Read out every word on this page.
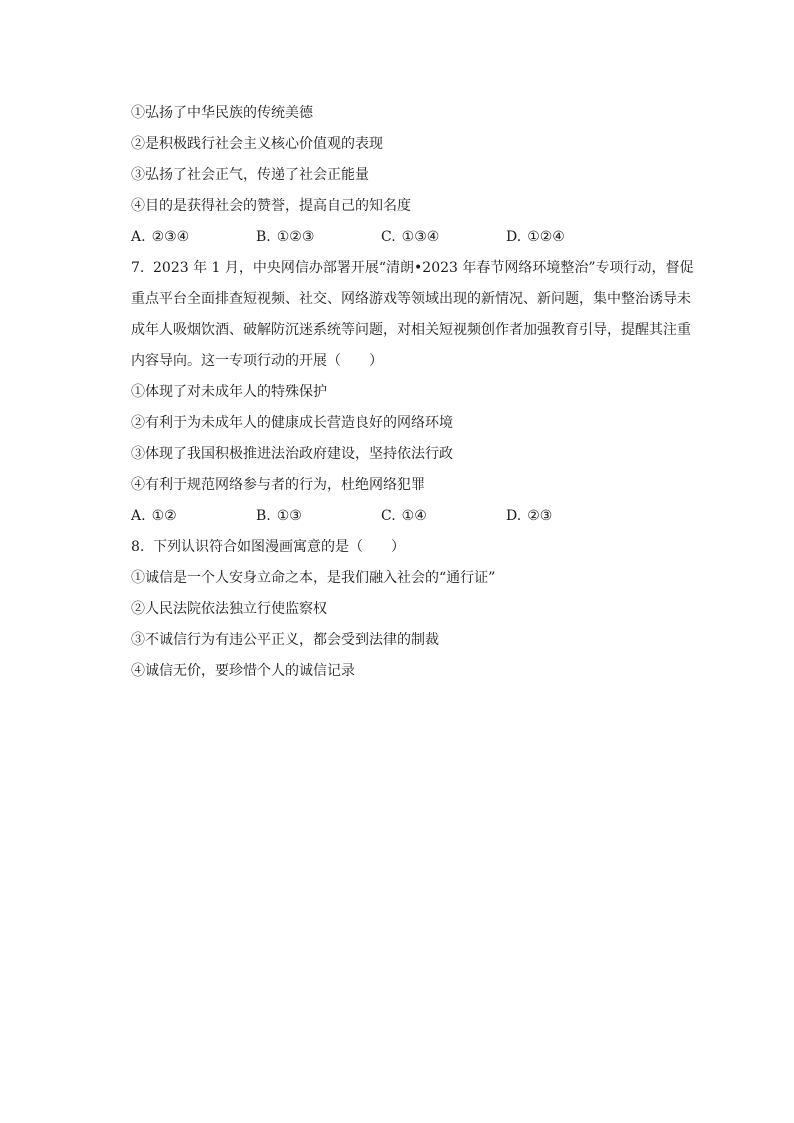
①弘扬了中华民族的传统美德
②是积极践行社会主义核心价值观的表现
③弘扬了社会正气，传递了社会正能量
④目的是获得社会的赞誉，提高自己的知名度
A. ②③④	B. ①②③	C. ①③④	D. ①②④
7. 2023 年 1 月，中央网信办部署开展“清朗•2023 年春节网络环境整治”专项行动，督促
重点平台全面排查短视频、社交、网络游戏等领域出现的新情况、新问题，集中整治诱导未
成年人吸烟饮酒、破解防沉迷系统等问题，对相关短视频创作者加强教育引导，提醒其注重
内容导向。这一专项行动的开展（　　）
①体现了对未成年人的特殊保护
②有利于为未成年人的健康成长营造良好的网络环境
③体现了我国积极推进法治政府建设，坚持依法行政
④有利于规范网络参与者的行为，杜绝网络犯罪
A. ①②	B. ①③	C. ①④	D. ②③
8. 下列认识符合如图漫画寓意的是（　　）
①诚信是一个人安身立命之本，是我们融入社会的“通行证”
②人民法院依法独立行使监察权
③不诚信行为有违公平正义，都会受到法律的制裁
④诚信无价，要珍惜个人的诚信记录
